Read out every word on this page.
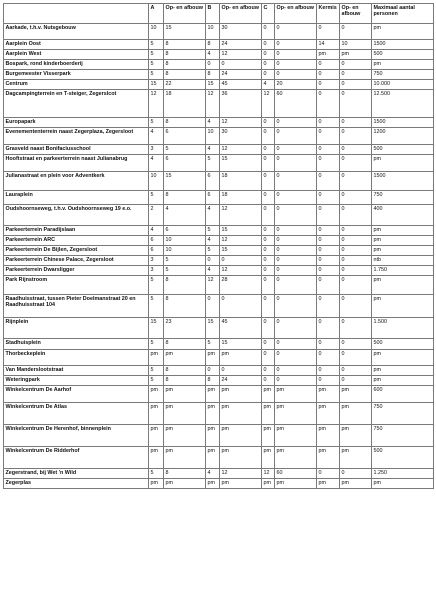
	A	Op- en afbouw	B	Op- en afbouw	C	Op- en afbouw	Kermis	Op- en afbouw	Maximaal aantal personen
Aarkade, t.h.v. Nutsgebouw	10	15	10	30	0	0	0	0	pm
Aarplein Oost	5	8	8	24	0	0	14	10	1500
Aarplein West	5	8	4	12	0	0	pm	pm	500
Bospark, rond kinderboerderij	5	8	0	0	0	0	0	0	pm
Burgemeester Visserpark	5	8	8	24	0	0	0	0	750
Centrum	15	22	15	45	4	20	0	0	10.000
Dagcampingterrein en T-steiger, Zegerslcot	12	18	12	36	12	60	0	0	12.500
Europapark	5	8	4	12	0	0	0	0	1500
Evenemententerrein naast Zegerplaza, Zegersloot	4	6	10	30	0	0	0	0	1200
Grasveld naast Bonifaciusschool	3	5	4	12	0	0	0	0	500
Hooftstraat en parkeerterrein naast Julianabrug	4	6	5	15	0	0	0	0	pm
Julianastraat en plein voor Adventkerk	10	15	6	18	0	0	0	0	1500
Lauraplein	5	8	6	18	0	0	0	0	750
Oudshoornseweg, t.h.v. Oudshoornseweg 19 e.o.	2	4	4	12	0	0	0	0	400
Parkeerterrein Paradijslaan	4	6	5	15	0	0	0	0	pm
Parkeerterrein ARC	6	10	4	12	0	0	0	0	pm
Parkeerterrein De Bijlen, Zegersloot	6	10	5	15	0	0	0	0	pm
Parkeerterrein Chinese Palace, Zegersloot	3	5	0	0	0	0	0	0	ntb
Parkeerterrein Dwarsligger	3	5	4	12	0	0	0	0	1.750
Park Rijnstroom	5	8	12	28	0	0	0	0	pm
Raadhuisstraat, tussen Pieter Doelmanstraat 20 en Raadhuisstraat 104	5	8	0	0	0	0	0	0	pm
Rijnplein	15	23	15	45	0	0	0	0	1.500
Stadhuisplein	5	8	5	15	0	0	0	0	500
Thorbeckeplein	pm	pm	pm	pm	0	0	0	0	pm
Van Manderslootstraat	5	8	0	0	0	0	0	0	pm
Weteringpark	5	8	8	24	0	0	0	0	pm
Winkelcentrum De Aarhof	pm	pm	pm	pm	pm	pm	pm	pm	600
Winkelcentrum De Atlas	pm	pm	pm	pm	pm	pm	pm	pm	750
Winkelcentrum De Herenhof, binnenplein	pm	pm	pm	pm	pm	pm	pm	pm	750
Winkelcentrum De Ridderhof	pm	pm	pm	pm	pm	pm	pm	pm	500
Zegerstrand, bij Wet 'n Wild	5	8	4	12	12	60	0	0	1.250
Zegerplas	pm	pm	pm	pm	pm	pm	pm	pm	pm
